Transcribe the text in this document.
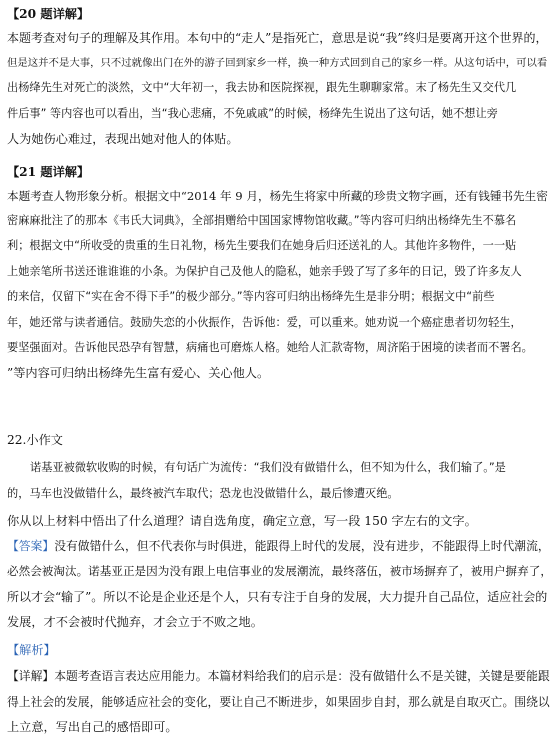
【20 题详解】
本题考查对句子的理解及其作用。本句中的“走人”是指死亡，意思是说“我”终归是要离开这个世界的，
但是这并不是大事，只不过就像出门在外的游子回到家乡一样，换一种方式回到自己的家乡一样。从这句话中，可以看
出杨绛先生对死亡的淡然，文中“大年初一，我去协和医院探视，跟先生聊聊家常。末了杨先生又交代几
件后事” 等内容也可以看出，当“我心悲痛，不免戚戚”的时候，杨绛先生说出了这句话，她不想让旁
人为她伤心难过，表现出她对他人的体贴。
【21 题详解】
本题考查人物形象分析。根据文中“2014 年 9 月，杨先生将家中所藏的珍贵文物字画，还有钱锺书先生密
密麻麻批注了的那本《韦氏大词典》，全部捐赠给中国国家博物馆收藏。”等内容可归纳出杨绛先生不慕名
利；根据文中“所收受的贵重的生日礼物，杨先生要我们在她身后归还送礼的人。其他许多物件，一一贴
上她亲笔所书送还谁谁谁的小条。为保护自己及他人的隐私，她亲手毁了写了多年的日记，毁了许多友人
的来信，仅留下“实在舍不得下手”的极少部分。”等内容可归纳出杨绛先生是非分明；根据文中“前些
年，她还常与读者通信。鼓励失恋的小伙振作，告诉他：爱，可以重来。她劝说一个癌症患者切勿轻生，
要坚强面对。告诉他民恐孕有智慧，病痛也可磨炼人格。她给人汇款寄物，周济陷于困境的读者而不署名。
”等内容可归纳出杨绛先生富有爱心、关心他人。
22.小作文
诺基亚被微软收购的时候，有句话广为流传：“我们没有做错什么，但不知为什么，我们输了。”是
的，马车也没做错什么，最终被汽车取代；恐龙也没做错什么，最后惨遭灭绝。
你从以上材料中悟出了什么道理？请自选角度，确定立意，写一段 150 字左右的文字。
【答案】没有做错什么，但不代表你与时俱进，能跟得上时代的发展，没有进步，不能跟得上时代潮流，
必然会被淘汰。诺基亚正是因为没有跟上电信事业的发展潮流，最终落伍，被市场摒弃了，被用户摒弃了，
所以才会“输了”。所以不论是企业还是个人，只有专注于自身的发展，大力提升自己品位，适应社会的
发展，才不会被时代抛弃，才会立于不败之地。
【解析】
【详解】本题考查语言表达应用能力。本篇材料给我们的启示是：没有做错什么不是关键，关键是要能跟
得上社会的发展，能够适应社会的变化，要让自己不断进步，如果固步自封，那么就是自取灭亡。围绕以
上立意，写出自己的感悟即可。
